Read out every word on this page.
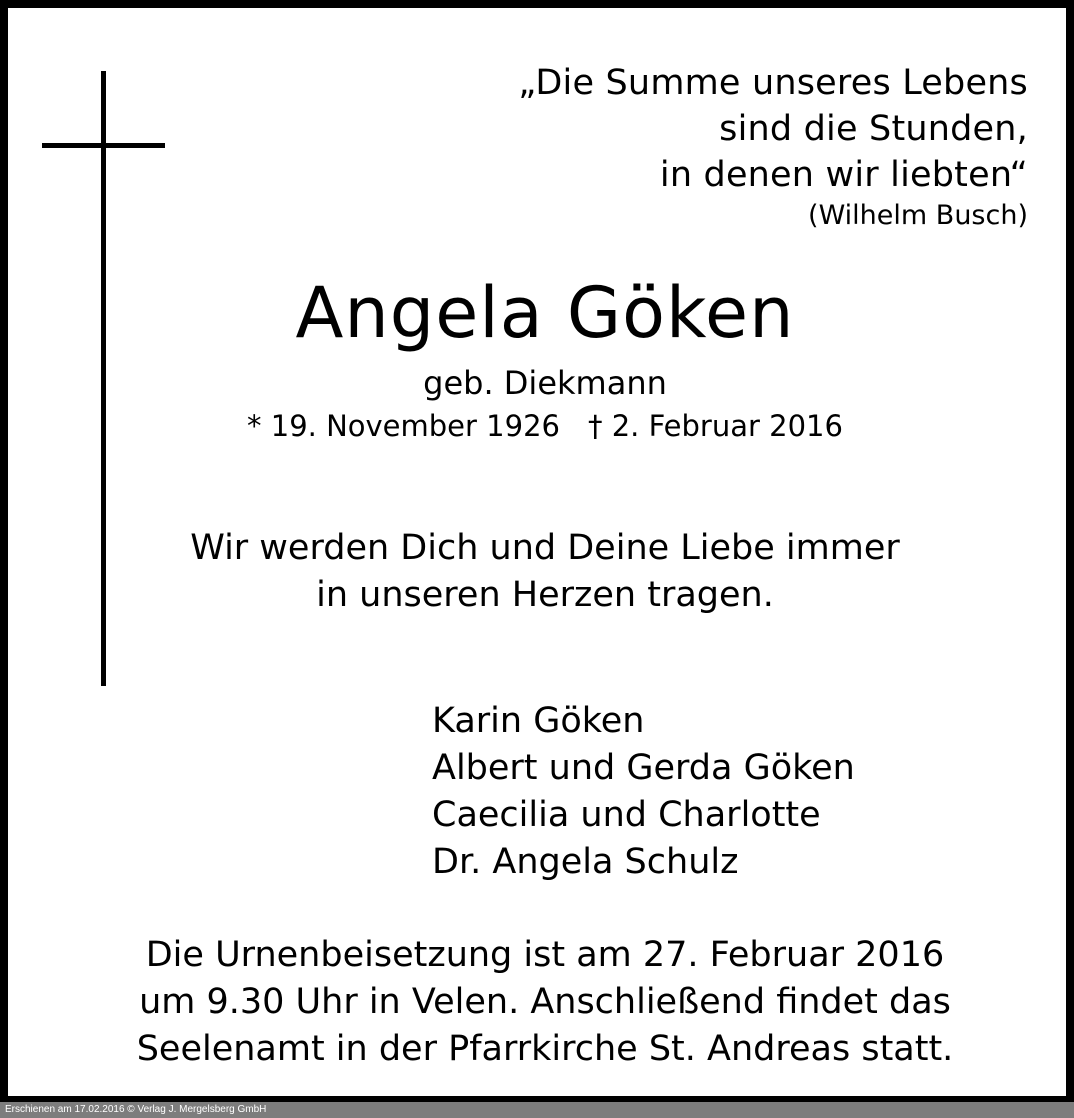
„Die Summe unseres Lebens
sind die Stunden,
in denen wir liebten“
(Wilhelm Busch)
Angela Göken
geb. Diekmann
* 19. November 1926 † 2. Februar 2016
Wir werden Dich und Deine Liebe immer
in unseren Herzen tragen.
Karin Göken
Albert und Gerda Göken
Caecilia und Charlotte
Dr. Angela Schulz
Die Urnenbeisetzung ist am 27. Februar 2016
um 9.30 Uhr in Velen. Anschließend findet das
Seelenamt in der Pfarrkirche St. Andreas statt.
Erschienen am 17.02.2016 © Verlag J. Mergelsberg GmbH
